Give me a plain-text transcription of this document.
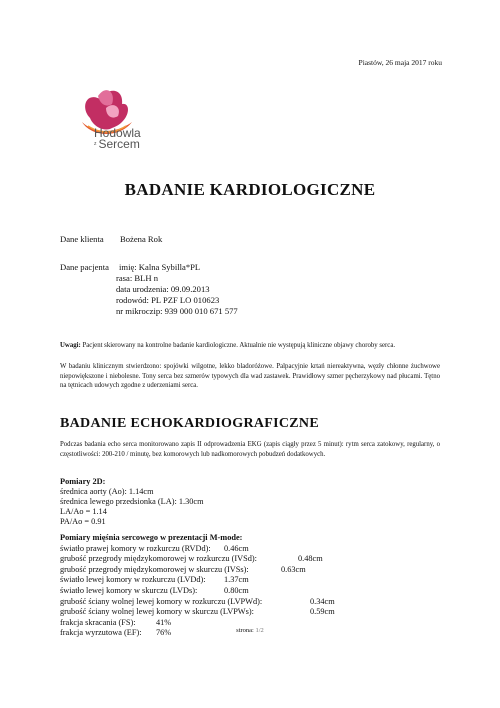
Piastów, 26 maja 2017 roku
Hodowla
z Sercem
BADANIE KARDIOLOGICZNE
Dane klienta Bożena Rok
Dane pacjenta imię: Kalna Sybilla*PL
rasa: BLH n
data urodzenia: 09.09.2013
rodowód: PL PZF LO 010623
nr mikroczip: 939 000 010 671 577
Uwagi: Pacjent skierowany na kontrolne badanie kardiologiczne. Aktualnie nie występują kliniczne objawy choroby serca.
W badaniu klinicznym stwierdzono: spojówki wilgotne, lekko bladoróżowe. Palpacyjnie krtań niereaktywna, węzły chłonne żuchwowe niepowiększone i niebolesne. Tony serca bez szmerów typowych dla wad zastawek. Prawidłowy szmer pęcherzykowy nad płucami. Tętno na tętnicach udowych zgodne z uderzeniami serca.
BADANIE ECHOKARDIOGRAFICZNE
Podczas badania echo serca monitorowano zapis II odprowadzenia EKG (zapis ciągły przez 5 minut): rytm serca zatokowy, regularny, o częstotliwości: 200-210 / minutę, bez komorowych lub nadkomorowych pobudzeń dodatkowych.
Pomiary 2D:
średnica aorty (Ao): 1.14cm
średnica lewego przedsionka (LA): 1.30cm
LA/Ao = 1.14
PA/Ao = 0.91
Pomiary mięśnia sercowego w prezentacji M-mode:
światło prawej komory w rozkurczu (RVDd): 0.46cm
grubość przegrody międzykomorowej w rozkurczu (IVSd):	0.48cm
grubość przegrody międzykomorowej w skurczu (IVSs):	0.63cm
światło lewej komory w rozkurczu (LVDd): 1.37cm
światło lewej komory w skurczu (LVDs):	0.80cm
grubość ściany wolnej lewej komory w rozkurczu (LVPWd):	0.34cm
grubość ściany wolnej lewej komory w skurczu (LVPWs):	0.59cm
frakcja skracania (FS): 41%
frakcja wyrzutowa (EF): 76%	strona: 1/2
